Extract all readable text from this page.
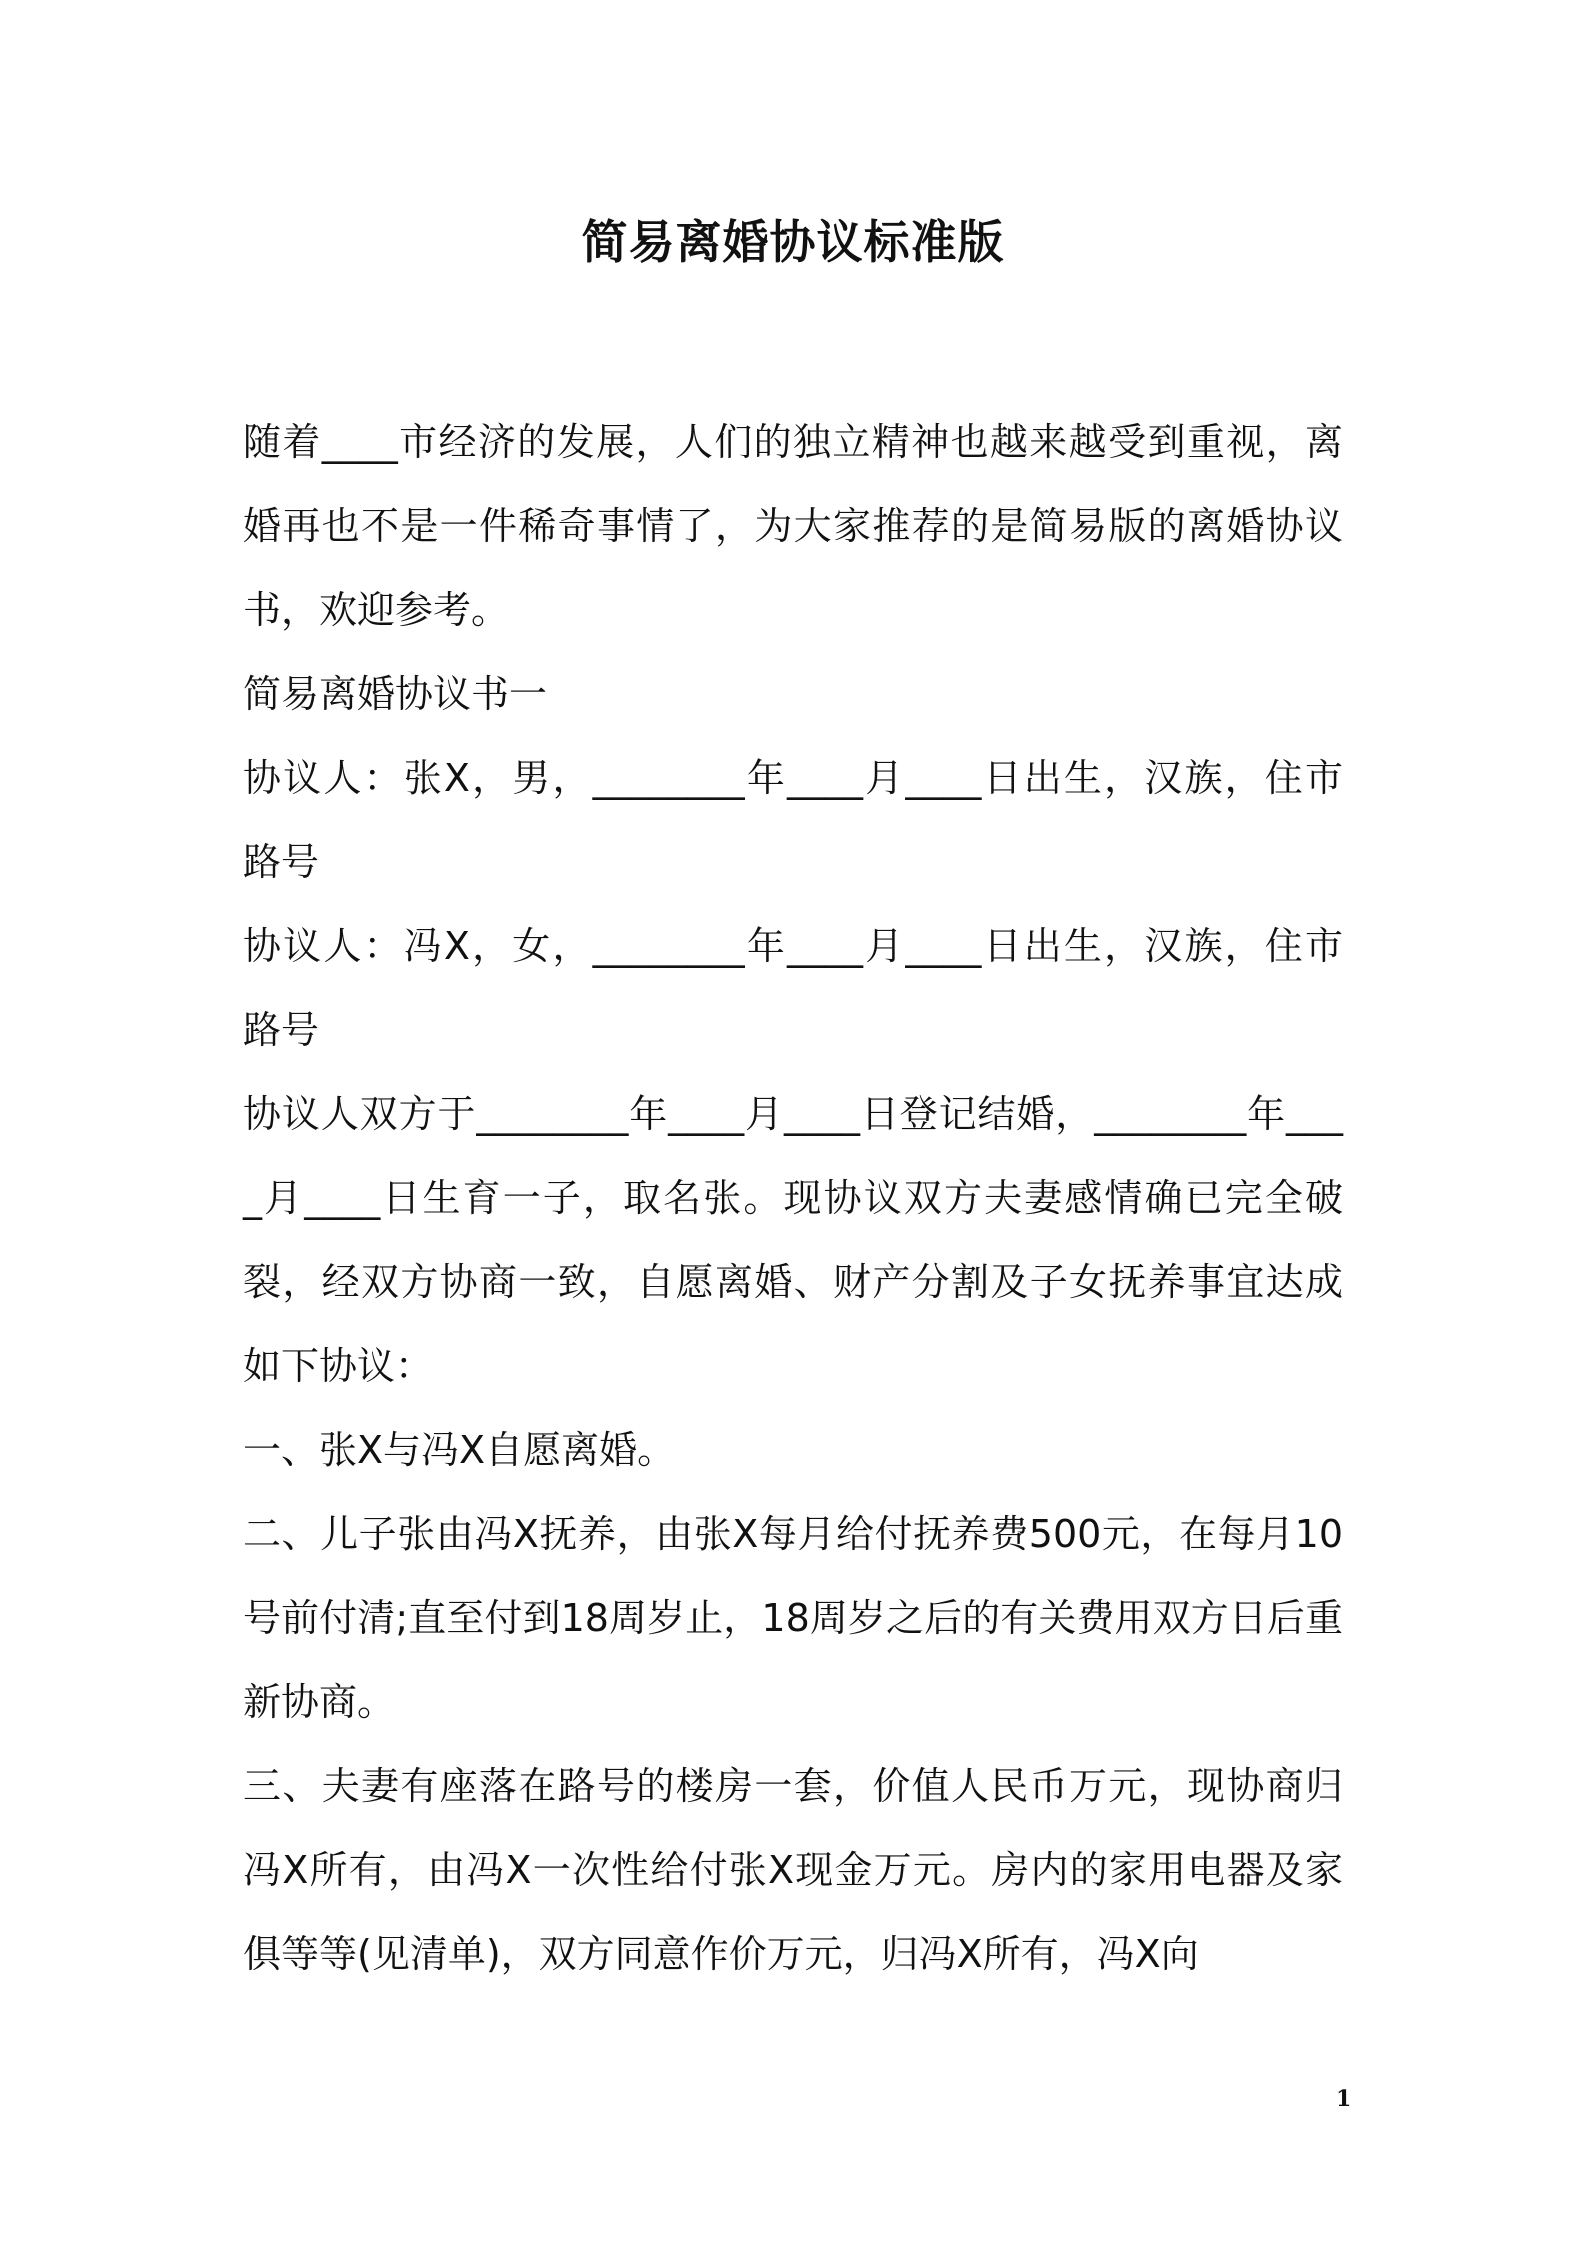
简易离婚协议标准版

随着____市经济的发展，人们的独立精神也越来越受到重视，离婚再也不是一件稀奇事情了，为大家推荐的是简易版的离婚协议书，欢迎参考。

简易离婚协议书一

协议人：张X，男，________年____月____日出生，汉族，住市 路号

协议人：冯X，女，________年____月____日出生，汉族，住市 路号

协议人双方于________年____月____日登记结婚，________年____月____日生育一子，取名张。现协议双方夫妻感情确已完全破裂，经双方协商一致，自愿离婚、财产分割及子女抚养事宜达成如下协议：

一、张X与冯X自愿离婚。

二、儿子张由冯X抚养，由张X每月给付抚养费500元，在每月10号前付清;直至付到18周岁止，18周岁之后的有关费用双方日后重新协商。

三、夫妻有座落在路号的楼房一套，价值人民币万元，现协商归冯X所有，由冯X一次性给付张X现金万元。房内的家用电器及家俱等等(见清单)，双方同意作价万元，归冯X所有，冯X向

1
